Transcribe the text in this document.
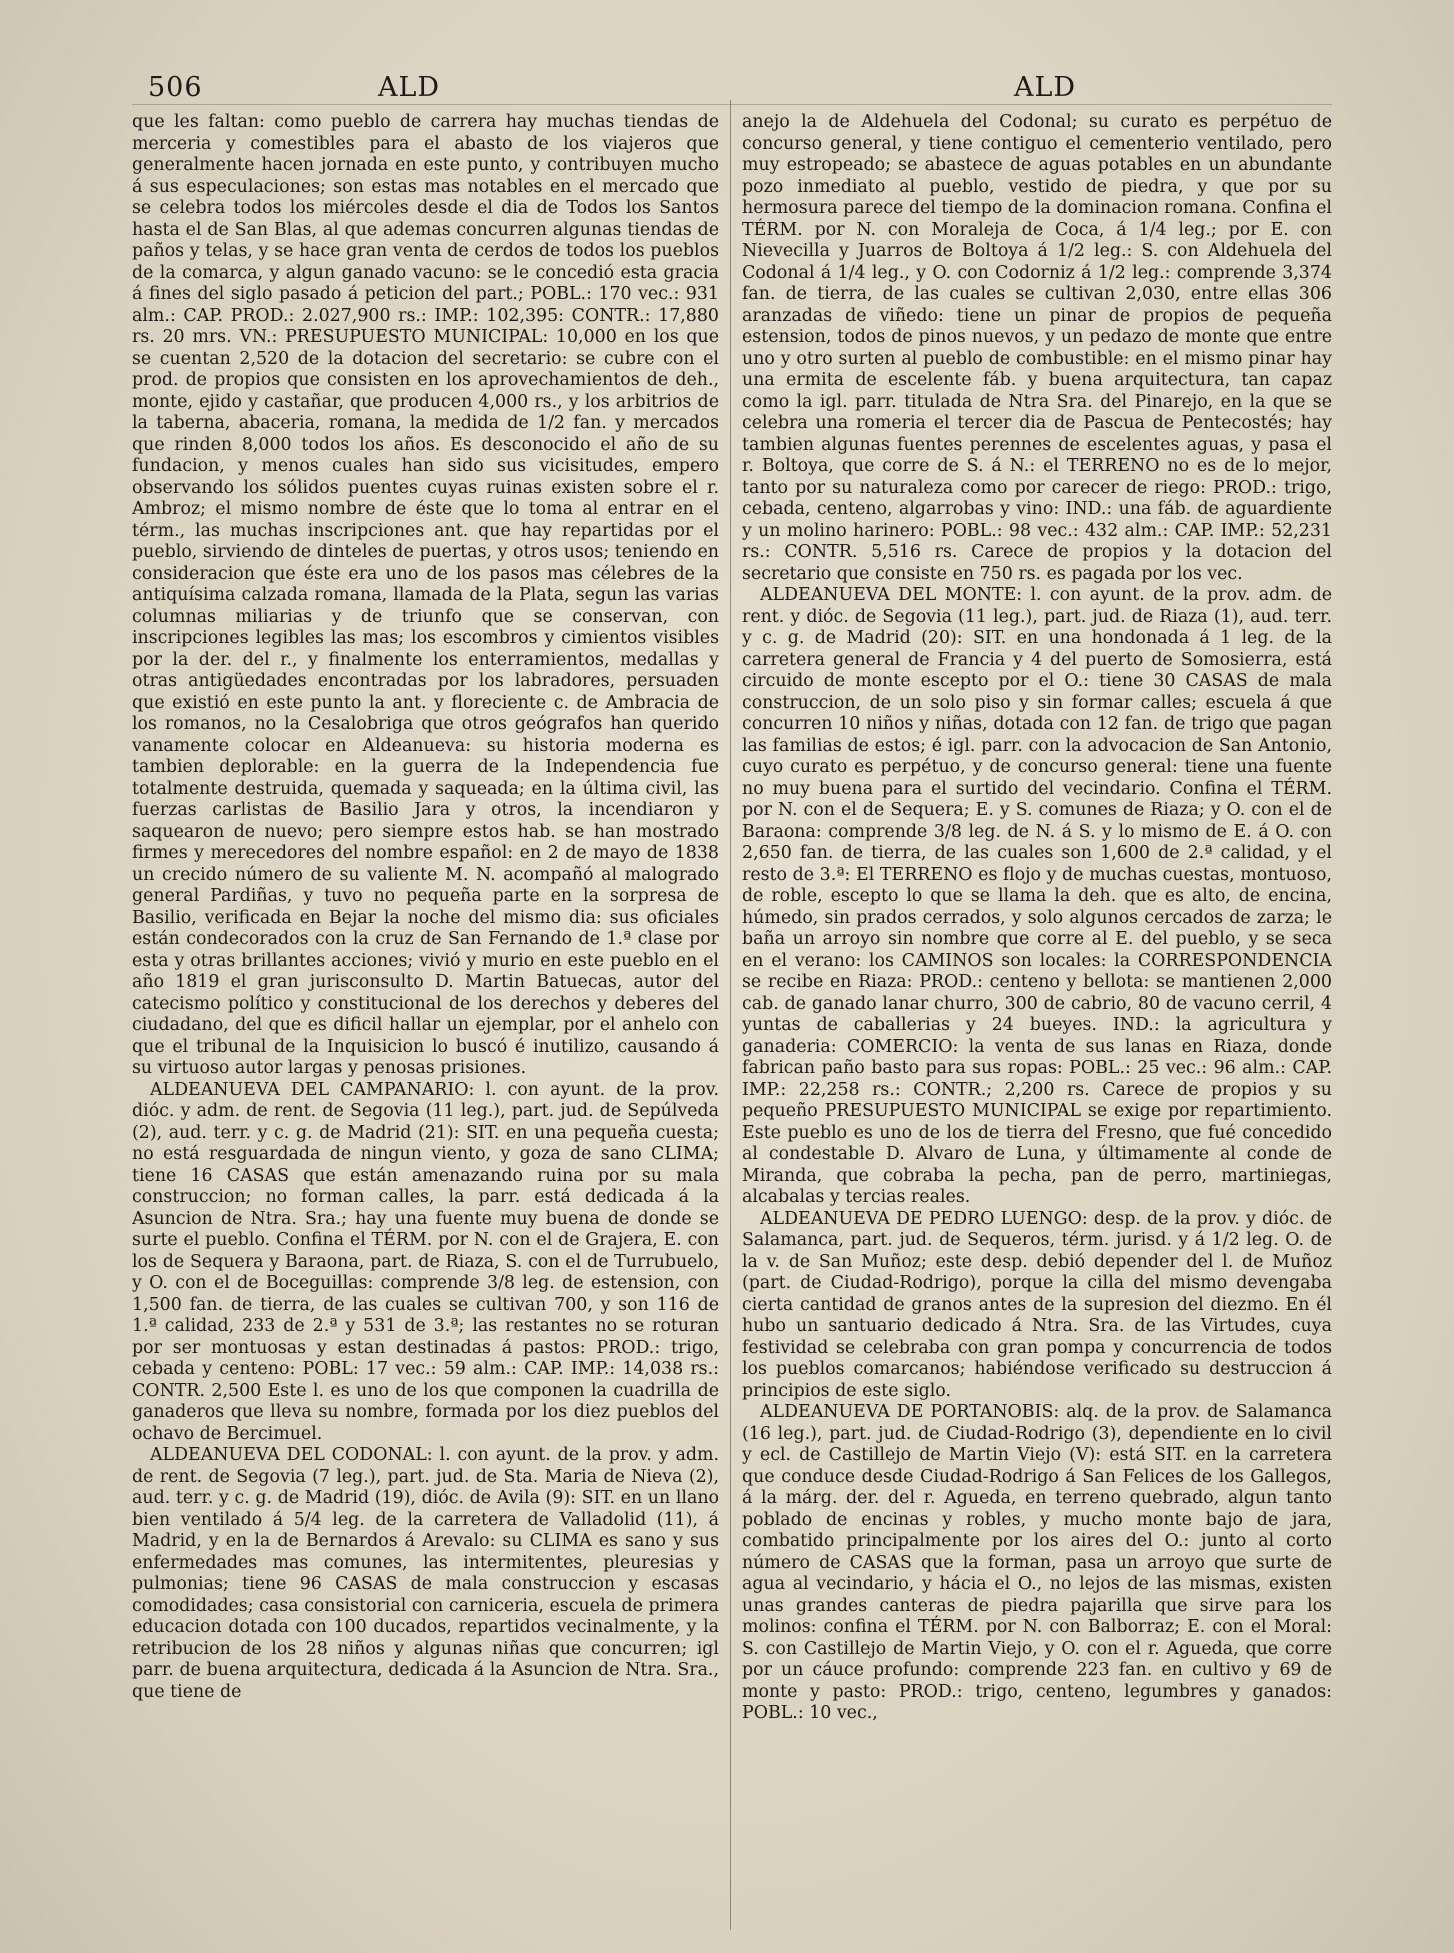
506	ALD	ALD

que les faltan: como pueblo de carrera hay muchas tiendas de merceria y comestibles para el abasto de los viajeros que generalmente hacen jornada en este punto, y contribuyen mucho á sus especulaciones; son estas mas notables en el mercado que se celebra todos los miércoles desde el dia de Todos los Santos hasta el de San Blas, al que ademas concurren algunas tiendas de paños y telas, y se hace gran venta de cerdos de todos los pueblos de la comarca, y algun ganado vacuno: se le concedió esta gracia á fines del siglo pasado á peticion del part.; POBL.: 170 vec.: 931 alm.: CAP. PROD.: 2.027,900 rs.: IMP.: 102,395: CONTR.: 17,880 rs. 20 mrs. VN.: PRESUPUESTO MUNICIPAL: 10,000 en los que se cuentan 2,520 de la dotacion del secretario: se cubre con el prod. de propios que consisten en los aprovechamientos de deh., monte, ejido y castañar, que producen 4,000 rs., y los arbitrios de la taberna, abaceria, romana, la medida de 1/2 fan. y mercados que rinden 8,000 todos los años. Es desconocido el año de su fundacion, y menos cuales han sido sus vicisitudes, empero observando los sólidos puentes cuyas ruinas existen sobre el r. Ambroz; el mismo nombre de éste que lo toma al entrar en el térm., las muchas inscripciones ant. que hay repartidas por el pueblo, sirviendo de dinteles de puertas, y otros usos; teniendo en consideracion que éste era uno de los pasos mas célebres de la antiquísima calzada romana, llamada de la Plata, segun las varias columnas miliarias y de triunfo que se conservan, con inscripciones legibles las mas; los escombros y cimientos visibles por la der. del r., y finalmente los enterramientos, medallas y otras antigüedades encontradas por los labradores, persuaden que existió en este punto la ant. y floreciente c. de Ambracia de los romanos, no la Cesalobriga que otros geógrafos han querido vanamente colocar en Aldeanueva: su historia moderna es tambien deplorable: en la guerra de la Independencia fue totalmente destruida, quemada y saqueada; en la última civil, las fuerzas carlistas de Basilio Jara y otros, la incendiaron y saquearon de nuevo; pero siempre estos hab. se han mostrado firmes y merecedores del nombre español: en 2 de mayo de 1838 un crecido número de su valiente M. N. acompañó al malogrado general Pardiñas, y tuvo no pequeña parte en la sorpresa de Basilio, verificada en Bejar la noche del mismo dia: sus oficiales están condecorados con la cruz de San Fernando de 1.ª clase por esta y otras brillantes acciones; vivió y murio en este pueblo en el año 1819 el gran jurisconsulto D. Martin Batuecas, autor del catecismo político y constitucional de los derechos y deberes del ciudadano, del que es dificil hallar un ejemplar, por el anhelo con que el tribunal de la Inquisicion lo buscó é inutilizo, causando á su virtuoso autor largas y penosas prisiones.

ALDEANUEVA DEL CAMPANARIO: l. con ayunt. de la prov. dióc. y adm. de rent. de Segovia (11 leg.), part. jud. de Sepúlveda (2), aud. terr. y c. g. de Madrid (21): SIT. en una pequeña cuesta; no está resguardada de ningun viento, y goza de sano CLIMA; tiene 16 CASAS que están amenazando ruina por su mala construccion; no forman calles, la parr. está dedicada á la Asuncion de Ntra. Sra.; hay una fuente muy buena de donde se surte el pueblo. Confina el TÉRM. por N. con el de Grajera, E. con los de Sequera y Baraona, part. de Riaza, S. con el de Turrubuelo, y O. con el de Boceguillas: comprende 3/8 leg. de estension, con 1,500 fan. de tierra, de las cuales se cultivan 700, y son 116 de 1.ª calidad, 233 de 2.ª y 531 de 3.ª; las restantes no se roturan por ser montuosas y estan destinadas á pastos: PROD.: trigo, cebada y centeno: POBL: 17 vec.: 59 alm.: CAP. IMP.: 14,038 rs.: CONTR. 2,500 Este l. es uno de los que componen la cuadrilla de ganaderos que lleva su nombre, formada por los diez pueblos del ochavo de Bercimuel.

ALDEANUEVA DEL CODONAL: l. con ayunt. de la prov. y adm. de rent. de Segovia (7 leg.), part. jud. de Sta. Maria de Nieva (2), aud. terr. y c. g. de Madrid (19), dióc. de Avila (9): SIT. en un llano bien ventilado á 5/4 leg. de la carretera de Valladolid (11), á Madrid, y en la de Bernardos á Arevalo: su CLIMA es sano y sus enfermedades mas comunes, las intermitentes, pleuresias y pulmonias; tiene 96 CASAS de mala construccion y escasas comodidades; casa consistorial con carniceria, escuela de primera educacion dotada con 100 ducados, repartidos vecinalmente, y la retribucion de los 28 niños y algunas niñas que concurren; igl parr. de buena arquitectura, dedicada á la Asuncion de Ntra. Sra., que tiene de

anejo la de Aldehuela del Codonal; su curato es perpétuo de concurso general, y tiene contiguo el cementerio ventilado, pero muy estropeado; se abastece de aguas potables en un abundante pozo inmediato al pueblo, vestido de piedra, y que por su hermosura parece del tiempo de la dominacion romana. Confina el TÉRM. por N. con Moraleja de Coca, á 1/4 leg.; por E. con Nievecilla y Juarros de Boltoya á 1/2 leg.: S. con Aldehuela del Codonal á 1/4 leg., y O. con Codorniz á 1/2 leg.: comprende 3,374 fan. de tierra, de las cuales se cultivan 2,030, entre ellas 306 aranzadas de viñedo: tiene un pinar de propios de pequeña estension, todos de pinos nuevos, y un pedazo de monte que entre uno y otro surten al pueblo de combustible: en el mismo pinar hay una ermita de escelente fáb. y buena arquitectura, tan capaz como la igl. parr. titulada de Ntra Sra. del Pinarejo, en la que se celebra una romeria el tercer dia de Pascua de Pentecostés; hay tambien algunas fuentes perennes de escelentes aguas, y pasa el r. Boltoya, que corre de S. á N.: el TERRENO no es de lo mejor, tanto por su naturaleza como por carecer de riego: PROD.: trigo, cebada, centeno, algarrobas y vino: IND.: una fáb. de aguardiente y un molino harinero: POBL.: 98 vec.: 432 alm.: CAP. IMP.: 52,231 rs.: CONTR. 5,516 rs. Carece de propios y la dotacion del secretario que consiste en 750 rs. es pagada por los vec.

ALDEANUEVA DEL MONTE: l. con ayunt. de la prov. adm. de rent. y dióc. de Segovia (11 leg.), part. jud. de Riaza (1), aud. terr. y c. g. de Madrid (20): SIT. en una hondonada á 1 leg. de la carretera general de Francia y 4 del puerto de Somosierra, está circuido de monte escepto por el O.: tiene 30 CASAS de mala construccion, de un solo piso y sin formar calles; escuela á que concurren 10 niños y niñas, dotada con 12 fan. de trigo que pagan las familias de estos; é igl. parr. con la advocacion de San Antonio, cuyo curato es perpétuo, y de concurso general: tiene una fuente no muy buena para el surtido del vecindario. Confina el TÉRM. por N. con el de Sequera; E. y S. comunes de Riaza; y O. con el de Baraona: comprende 3/8 leg. de N. á S. y lo mismo de E. á O. con 2,650 fan. de tierra, de las cuales son 1,600 de 2.ª calidad, y el resto de 3.ª: El TERRENO es flojo y de muchas cuestas, montuoso, de roble, escepto lo que se llama la deh. que es alto, de encina, húmedo, sin prados cerrados, y solo algunos cercados de zarza; le baña un arroyo sin nombre que corre al E. del pueblo, y se seca en el verano: los CAMINOS son locales: la CORRESPONDENCIA se recibe en Riaza: PROD.: centeno y bellota: se mantienen 2,000 cab. de ganado lanar churro, 300 de cabrio, 80 de vacuno cerril, 4 yuntas de caballerias y 24 bueyes. IND.: la agricultura y ganaderia: COMERCIO: la venta de sus lanas en Riaza, donde fabrican paño basto para sus ropas: POBL.: 25 vec.: 96 alm.: CAP. IMP.: 22,258 rs.: CONTR.; 2,200 rs. Carece de propios y su pequeño PRESUPUESTO MUNICIPAL se exige por repartimiento. Este pueblo es uno de los de tierra del Fresno, que fué concedido al condestable D. Alvaro de Luna, y últimamente al conde de Miranda, que cobraba la pecha, pan de perro, martiniegas, alcabalas y tercias reales.

ALDEANUEVA DE PEDRO LUENGO: desp. de la prov. y dióc. de Salamanca, part. jud. de Sequeros, térm. jurisd. y á 1/2 leg. O. de la v. de San Muñoz; este desp. debió depender del l. de Muñoz (part. de Ciudad-Rodrigo), porque la cilla del mismo devengaba cierta cantidad de granos antes de la supresion del diezmo. En él hubo un santuario dedicado á Ntra. Sra. de las Virtudes, cuya festividad se celebraba con gran pompa y concurrencia de todos los pueblos comarcanos; habiéndose verificado su destruccion á principios de este siglo.

ALDEANUEVA DE PORTANOBIS: alq. de la prov. de Salamanca (16 leg.), part. jud. de Ciudad-Rodrigo (3), dependiente en lo civil y ecl. de Castillejo de Martin Viejo (V): está SIT. en la carretera que conduce desde Ciudad-Rodrigo á San Felices de los Gallegos, á la márg. der. del r. Agueda, en terreno quebrado, algun tanto poblado de encinas y robles, y mucho monte bajo de jara, combatido principalmente por los aires del O.: junto al corto número de CASAS que la forman, pasa un arroyo que surte de agua al vecindario, y hácia el O., no lejos de las mismas, existen unas grandes canteras de piedra pajarilla que sirve para los molinos: confina el TÉRM. por N. con Balborraz; E. con el Moral: S. con Castillejo de Martin Viejo, y O. con el r. Agueda, que corre por un cáuce profundo: comprende 223 fan. en cultivo y 69 de monte y pasto: PROD.: trigo, centeno, legumbres y ganados: POBL.: 10 vec.,
